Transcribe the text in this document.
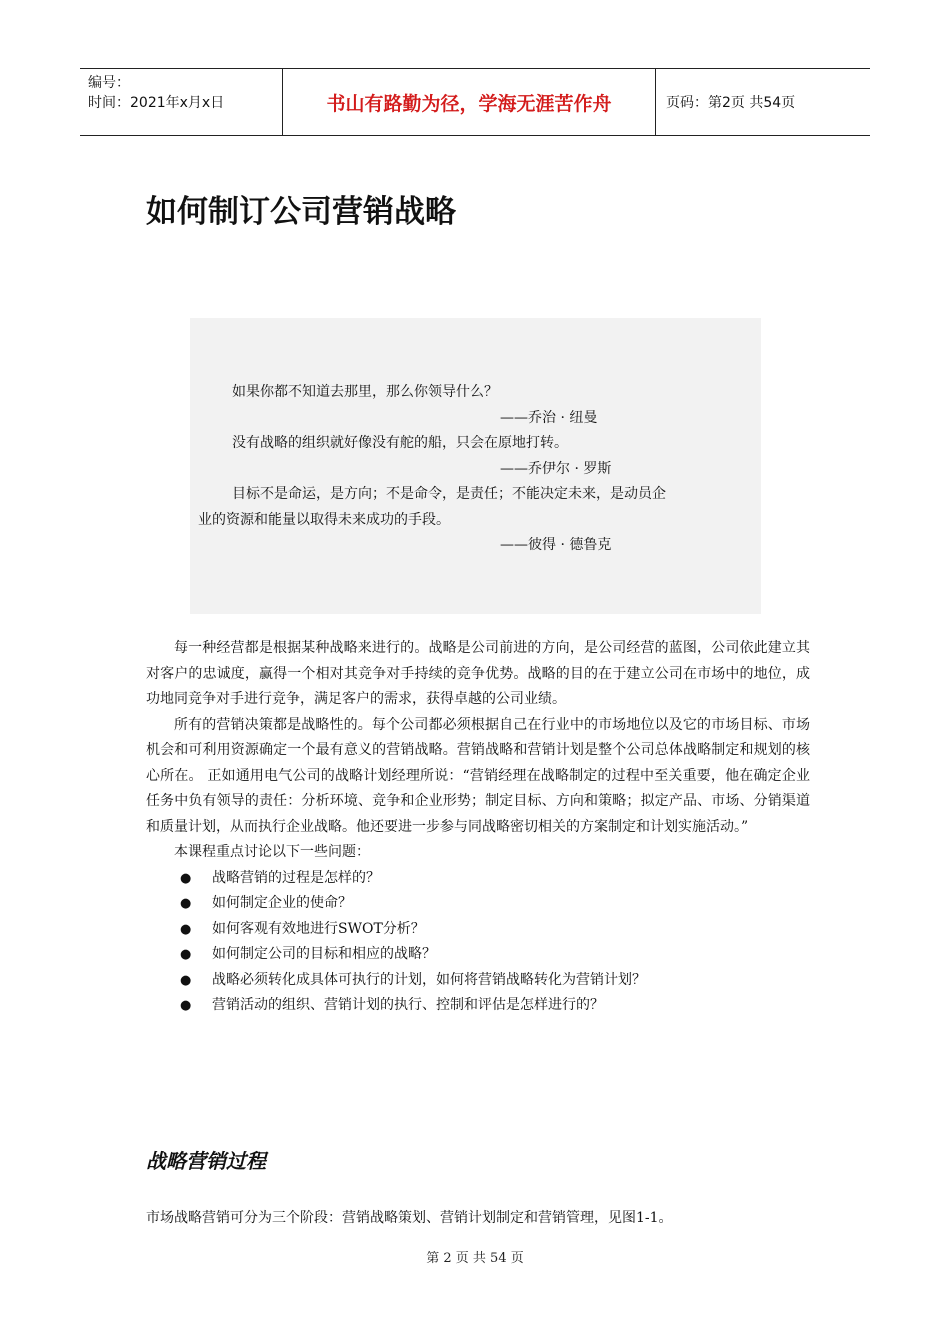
编号：
时间：2021年x月x日	书山有路勤为径，学海无涯苦作舟	页码：第2页 共54页
如何制订公司营销战略
如果你都不知道去那里，那么你领导什么？
——乔治 · 纽曼
没有战略的组织就好像没有舵的船，只会在原地打转。
——乔伊尔 · 罗斯
目标不是命运，是方向；不是命令，是责任；不能决定未来，是动员企
业的资源和能量以取得未来成功的手段。
——彼得 · 德鲁克

每一种经营都是根据某种战略来进行的。战略是公司前进的方向，是公司经营的蓝图，公司依此建立其对客户的忠诚度，赢得一个相对其竞争对手持续的竞争优势。战略的目的在于建立公司在市场中的地位，成功地同竞争对手进行竞争，满足客户的需求，获得卓越的公司业绩。

所有的营销决策都是战略性的。每个公司都必须根据自己在行业中的市场地位以及它的市场目标、市场机会和可利用资源确定一个最有意义的营销战略。营销战略和营销计划是整个公司总体战略制定和规划的核心所在。 正如通用电气公司的战略计划经理所说：“营销经理在战略制定的过程中至关重要，他在确定企业任务中负有领导的责任：分析环境、竞争和企业形势；制定目标、方向和策略；拟定产品、市场、分销渠道和质量计划，从而执行企业战略。他还要进一步参与同战略密切相关的方案制定和计划实施活动。”

本课程重点讨论以下一些问题：

● 战略营销的过程是怎样的？
● 如何制定企业的使命？
● 如何客观有效地进行SWOT分析？
● 如何制定公司的目标和相应的战略？
● 战略必须转化成具体可执行的计划，如何将营销战略转化为营销计划？
● 营销活动的组织、营销计划的执行、控制和评估是怎样进行的？
战略营销过程

市场战略营销可分为三个阶段：营销战略策划、营销计划制定和营销管理，见图1-1。

第 2 页 共 54 页
